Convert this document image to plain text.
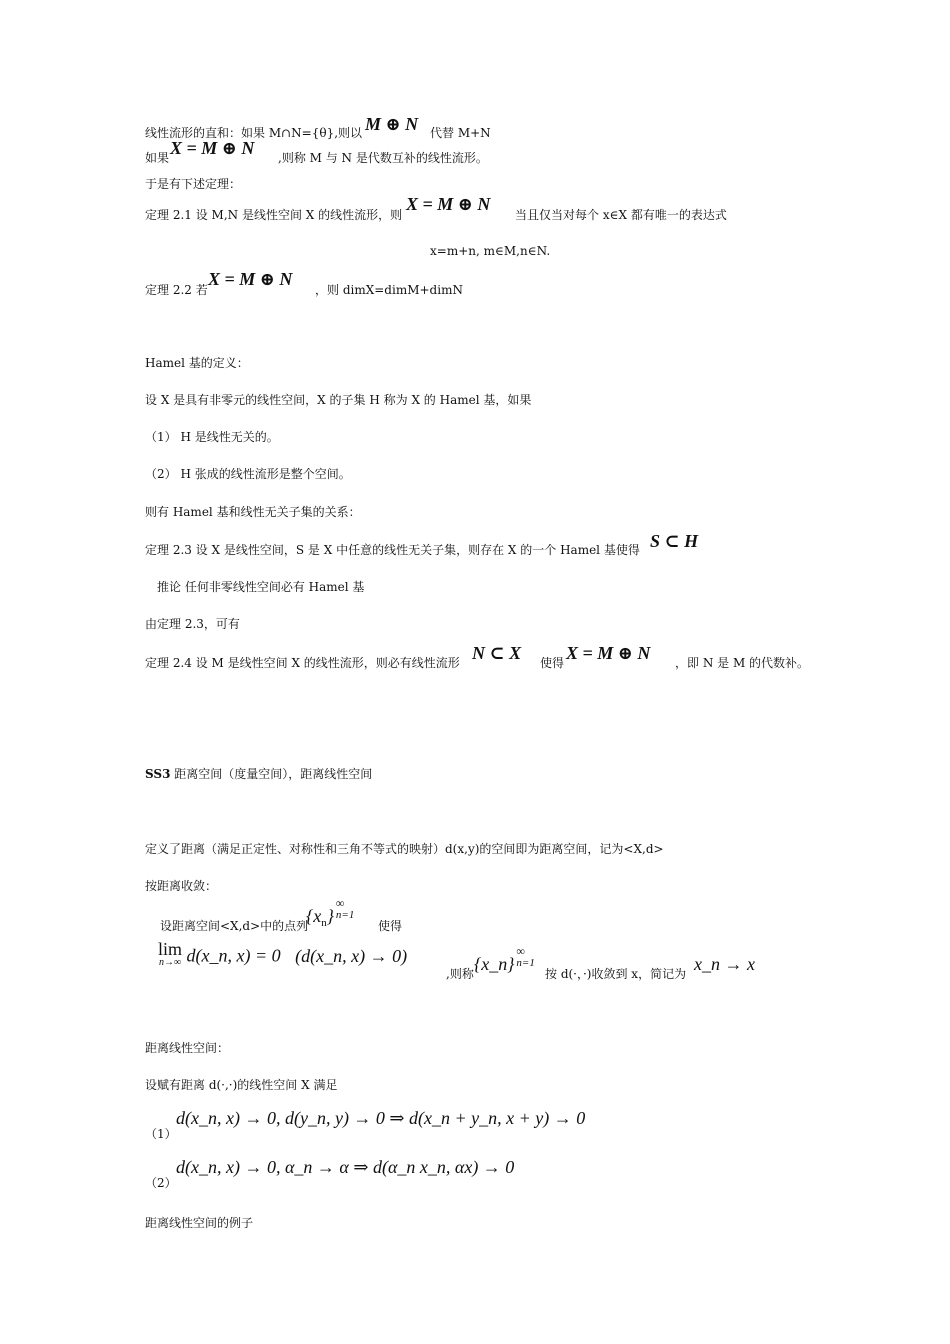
线性流形的直和：如果 M∩N={θ},则以 M ⊕ N 代替 M+N
如果 X = M ⊕ N ,则称 M 与 N 是代数互补的线性流形。
于是有下述定理：
定理 2.1 设 M,N 是线性空间 X 的线性流形，则
X = M ⊕ N
当且仅当对每个 x∈X 都有唯一的表达式
x=m+n, m∈M,n∈N.
定理 2.2 若
X = M ⊕ N
，则 dimX=dimM+dimN
Hamel 基的定义：
设 X 是具有非零元的线性空间，X 的子集 H 称为 X 的 Hamel 基，如果
（1） H 是线性无关的。
（2） H 张成的线性流形是整个空间。
则有 Hamel 基和线性无关子集的关系：
定理 2.3 设 X 是线性空间，S 是 X 中任意的线性无关子集，则存在 X 的一个 Hamel 基使得 S ⊂ H
推论 任何非零线性空间必有 Hamel 基
由定理 2.3，可有
定理 2.4 设 M 是线性空间 X 的线性流形，则必有线性流形 N ⊂ X 使得 X = M ⊕ N ，即 N 是 M 的代数补。
SS3 距离空间（度量空间），距离线性空间
定义了距离（满足正定性、对称性和三角不等式的映射）d(x,y)的空间即为距离空间，记为<X,d>
按距离收敛：
设距离空间<X,d>中的点列
$\{x_n\}$
∞
n=1
使得
lim
n→∞ d(x_n, x) = 0 (d(x_n, x) → 0)
,则称 {x_n}
∞
n=1
按 d(·，·)收敛到 x，简记为 x_n → x
距离线性空间：
设赋有距离 d(·,·)的线性空间 X 满足
（1）
d(x_n, x) → 0, d(y_n, y) → 0 ⇒ d(x_n + y_n, x + y) → 0
（2）
d(x_n, x) → 0, α_n → α ⇒ d(α_n x_n, αx) → 0
距离线性空间的例子
